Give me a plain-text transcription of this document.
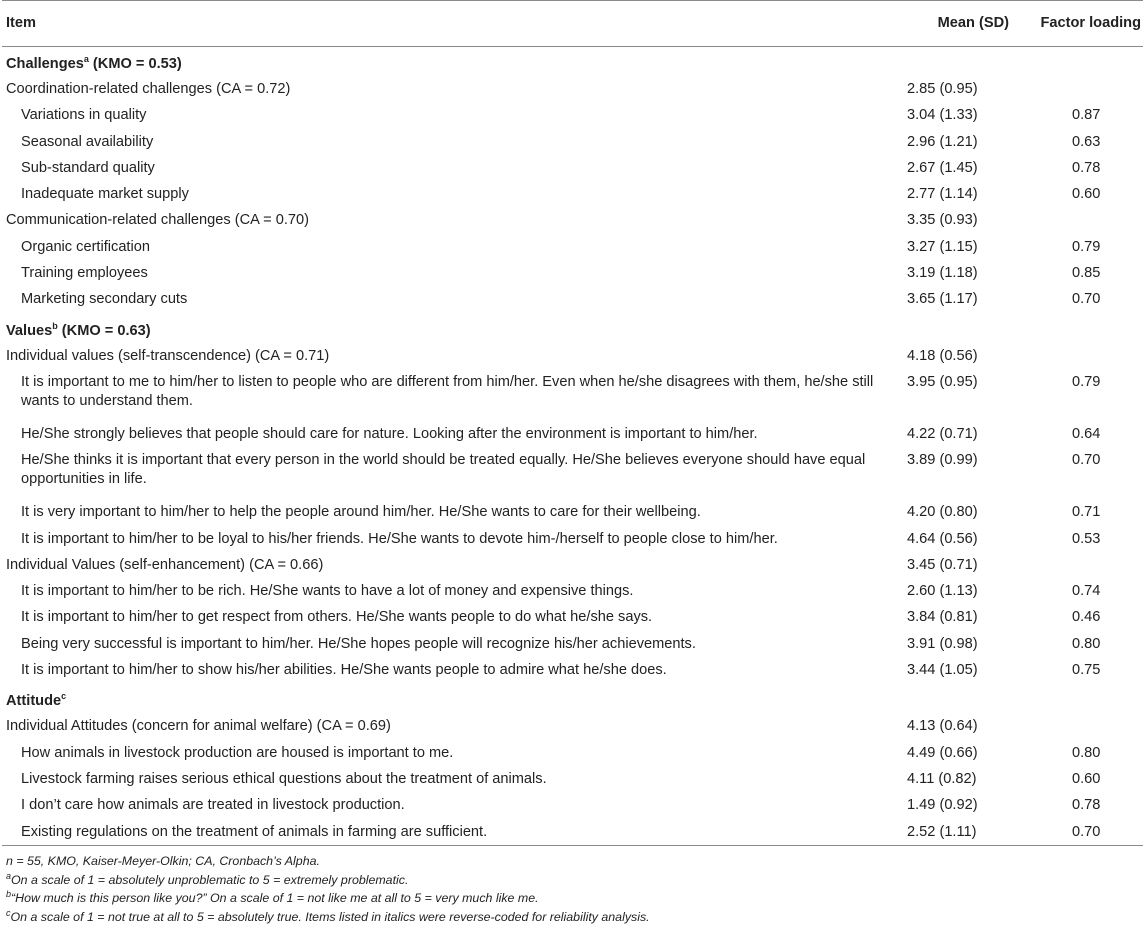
Item	Mean (SD)	Factor loading
Challenges$^a$ (KMO = 0.53)		
Coordination-related challenges (CA = 0.72)	2.85 (0.95)	
Variations in quality	3.04 (1.33)	0.87
Seasonal availability	2.96 (1.21)	0.63
Sub-standard quality	2.67 (1.45)	0.78
Inadequate market supply	2.77 (1.14)	0.60
Communication-related challenges (CA = 0.70)	3.35 (0.93)	
Organic certification	3.27 (1.15)	0.79
Training employees	3.19 (1.18)	0.85
Marketing secondary cuts	3.65 (1.17)	0.70
Values$^b$ (KMO = 0.63)		
Individual values (self-transcendence) (CA = 0.71)	4.18 (0.56)	
It is important to me to him/her to listen to people who are different from him/her. Even when he/she disagrees with them, he/she still wants to understand them.	3.95 (0.95)	0.79
He/She strongly believes that people should care for nature. Looking after the environment is important to him/her.	4.22 (0.71)	0.64
He/She thinks it is important that every person in the world should be treated equally. He/She believes everyone should have equal opportunities in life.	3.89 (0.99)	0.70
It is very important to him/her to help the people around him/her. He/She wants to care for their wellbeing.	4.20 (0.80)	0.71
It is important to him/her to be loyal to his/her friends. He/She wants to devote him-/herself to people close to him/her.	4.64 (0.56)	0.53
Individual Values (self-enhancement) (CA = 0.66)	3.45 (0.71)	
It is important to him/her to be rich. He/She wants to have a lot of money and expensive things.	2.60 (1.13)	0.74
It is important to him/her to get respect from others. He/She wants people to do what he/she says.	3.84 (0.81)	0.46
Being very successful is important to him/her. He/She hopes people will recognize his/her achievements.	3.91 (0.98)	0.80
It is important to him/her to show his/her abilities. He/She wants people to admire what he/she does.	3.44 (1.05)	0.75
Attitude$^c$		
Individual Attitudes (concern for animal welfare) (CA = 0.69)	4.13 (0.64)	
How animals in livestock production are housed is important to me.	4.49 (0.66)	0.80
Livestock farming raises serious ethical questions about the treatment of animals.	4.11 (0.82)	0.60
I don’t care how animals are treated in livestock production.	1.49 (0.92)	0.78
Existing regulations on the treatment of animals in farming are sufficient.	2.52 (1.11)	0.70
n = 55, KMO, Kaiser-Meyer-Olkin; CA, Cronbach’s Alpha.
$^a$On a scale of 1 = absolutely unproblematic to 5 = extremely problematic.
$^b$“How much is this person like you?” On a scale of 1 = not like me at all to 5 = very much like me.
$^c$On a scale of 1 = not true at all to 5 = absolutely true. Items listed in italics were reverse-coded for reliability analysis.
